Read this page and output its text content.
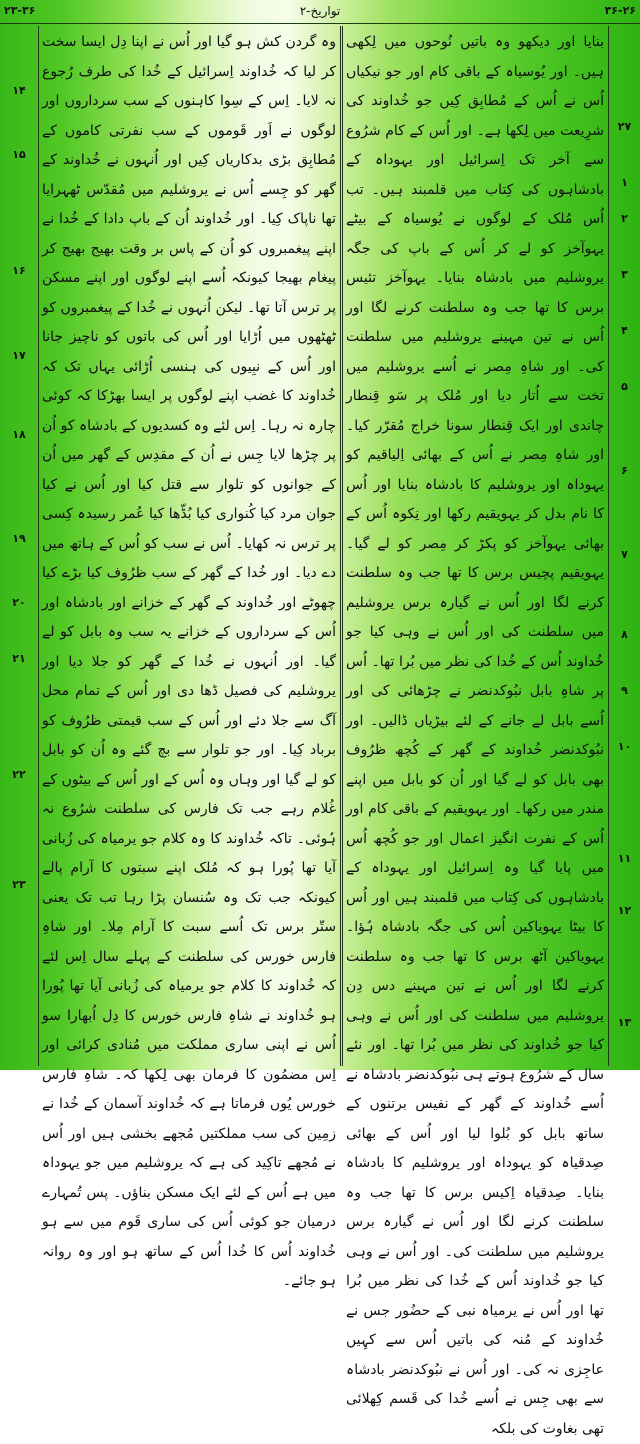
۲۳-۳۶	۲-تواریخ	۳۶-۲۶
وہ گردن کش ہو گیا اور اُس نے اپنا دِل ایسا سخت کر لیا کہ خُداوند اِسرائیل کے خُدا کی طرف رُجوع نہ لایا۔ اِس کے سِوا کاہنوں کے سب سرداروں اور لوگوں نے اَور قَوموں کے سب نفرتی کاموں کے مُطابِق بڑی بدکاریاں کِیں اور اُنہوں نے خُداوند کے گھر کو جِسے اُس نے یروشلیم میں مُقدّس ٹھہرایا تھا ناپاک کِیا۔ اور خُداوند اُن کے باپ دادا کے خُدا نے اپنے پیغمبروں کو اُن کے پاس بر وقت بھیج بھیج کر پیغام بھیجا کیونکہ اُسے اپنے لوگوں اور اپنے مسکن پر ترس آتا تھا۔ لیکن اُنہوں نے خُدا کے پیغمبروں کو ٹھٹھوں میں اُڑایا اور اُس کی باتوں کو ناچیز جانا اور اُس کے نبِیوں کی ہنسی اُڑائی یہاں تک کہ خُداوند کا غضب اپنے لوگوں پر ایسا بھڑکا کہ کوئی چارہ نہ رہا۔ اِس لئے وہ کسدیوں کے بادشاہ کو اُن پر چڑھا لایا جِس نے اُن کے مقدِس کے گھر میں اُن کے جوانوں کو تلوار سے قتل کیا اور اُس نے کیا جوان مرد کیا کُنواری کیا بُڈّھا کیا عُمر رسیدہ کِسی پر ترس نہ کھایا۔ اُس نے سب کو اُس کے ہاتھ میں دے دیا۔ اور خُدا کے گھر کے سب ظرُوف کیا بڑے کیا چھوٹے اور خُداوند کے گھر کے خزانے اور بادشاہ اور اُس کے سرداروں کے خزانے یہ سب وہ بابل کو لے گیا۔ اور اُنہوں نے خُدا کے گھر کو جلا دیا اور یروشلیم کی فصیل ڈھا دی اور اُس کے تمام محل آگ سے جلا دئے اور اُس کے سب قیمتی ظرُوف کو برباد کِیا۔ اور جو تلوار سے بچ گئے وہ اُن کو بابل کو لے گیا اور وہاں وہ اُس کے اور اُس کے بیٹوں کے غُلام رہے جب تک فارس کی سلطنت شرُوع نہ ہُوئی۔ تاکہ خُداوند کا وہ کلام جو یرمیاہ کی زُبانی آیا تھا پُورا ہو کہ مُلک اپنے سبتوں کا آرام پالے کیونکہ جب تک وہ سُنسان پڑا رہا تب تک یعنی ستّر برس تک اُسے سبت کا آرام مِلا۔ اور شاہِ فارس خورس کی سلطنت کے پہلے سال اِس لئے کہ خُداوند کا کلام جو یرمیاہ کی زُبانی آیا تھا پُورا ہو خُداوند نے شاہِ فارس خورس کا دِل اُبھارا سو اُس نے اپنی ساری مملکت میں مُنادی کرائی اور اِس مضمُون کا فرمان بھی لِکھا کہ۔ شاہِ فارس خورس یُوں فرماتا ہے کہ خُداوند آسمان کے خُدا نے زمِین کی سب مملکتیں مُجھے بخشی ہیں اور اُس نے مُجھے تاکِید کی ہے کہ یروشلیم میں جو یہوداہ میں ہے اُس کے لئے ایک مسکن بناؤں۔ پس تُمہارے درمیان جو کوئی اُس کی ساری قَوم میں سے ہو خُداوند اُس کا خُدا اُس کے ساتھ ہو اور وہ روانہ ہو جائے۔
۱۴
۱۵
۱۶
۱۷
۱۸
۱۹
۲۰
۲۱
۲۲
۲۳
بنایا اور دیکھو وہ باتیں نُوحوں میں لِکھی ہیں۔ اور یُوسیاہ کے باقی کام اور جو نیکیاں اُس نے اُس کے مُطابِق کِیں جو خُداوند کی شرِیعت میں لِکھا ہے۔ اور اُس کے کام شرُوع سے آخر تک اِسرائیل اور یہوداہ کے بادشاہوں کی کِتاب میں قلمبند ہیں۔ تب اُس مُلک کے لوگوں نے یُوسیاہ کے بیٹے یہوآخز کو لے کر اُس کے باپ کی جگہ یروشلیم میں بادشاہ بنایا۔ یہوآخز تئیس برس کا تھا جب وہ سلطنت کرنے لگا اور اُس نے تین مہینے یروشلیم میں سلطنت کی۔ اور شاہِ مِصر نے اُسے یروشلیم میں تخت سے اُتار دیا اور مُلک پر سَو قِنطار چاندی اور ایک قِنطار سونا خراج مُقرّر کیا۔ اور شاہِ مِصر نے اُس کے بھائی اِلیاقیم کو یہوداہ اور یروشلیم کا بادشاہ بنایا اور اُس کا نام بدل کر یہویقیم رکھا اور نِکوہ اُس کے بھائی یہوآخز کو پکڑ کر مِصر کو لے گیا۔ یہویقیم پچیس برس کا تھا جب وہ سلطنت کرنے لگا اور اُس نے گیارہ برس یروشلیم میں سلطنت کی اور اُس نے وہی کیا جو خُداوند اُس کے خُدا کی نظر میں بُرا تھا۔ اُس پر شاہِ بابل نبُوکدنضر نے چڑھائی کی اور اُسے بابل لے جانے کے لئے بیڑیاں ڈالیں۔ اور نبُوکدنضر خُداوند کے گھر کے کُچھ ظرُوف بھی بابل کو لے گیا اور اُن کو بابل میں اپنے مندر میں رکھا۔ اور یہویقیم کے باقی کام اور اُس کے نفرت انگیز اعمال اور جو کُچھ اُس میں پایا گیا وہ اِسرائیل اور یہوداہ کے بادشاہوں کی کِتاب میں قلمبند ہیں اور اُس کا بیٹا یہویاکین اُس کی جگہ بادشاہ ہُؤا۔ یہویاکین آٹھ برس کا تھا جب وہ سلطنت کرنے لگا اور اُس نے تین مہینے دس دِن یروشلیم میں سلطنت کی اور اُس نے وہی کیا جو خُداوند کی نظر میں بُرا تھا۔ اور نئے سال کے شرُوع ہوتے ہی نبُوکدنضر بادشاہ نے اُسے خُداوند کے گھر کے نفیس برتنوں کے ساتھ بابل کو بُلوا لیا اور اُس کے بھائی صِدقیاہ کو یہوداہ اور یروشلیم کا بادشاہ بنایا۔ صِدقیاہ اِکیس برس کا تھا جب وہ سلطنت کرنے لگا اور اُس نے گیارہ برس یروشلیم میں سلطنت کی۔ اور اُس نے وہی کیا جو خُداوند اُس کے خُدا کی نظر میں بُرا تھا اور اُس نے یرمیاہ نبی کے حضُور جس نے خُداوند کے مُنہ کی باتیں اُس سے کہِیں عاجِزی نہ کی۔ اور اُس نے نبُوکدنضر بادشاہ سے بھی جِس نے اُسے خُدا کی قَسم کِھلائی تھی بغاوت کی بلکہ
۲۷
۱
۲
۳
۴
۵
۶
۷
۸
۹
۱۰
۱۱
۱۲
۱۳
